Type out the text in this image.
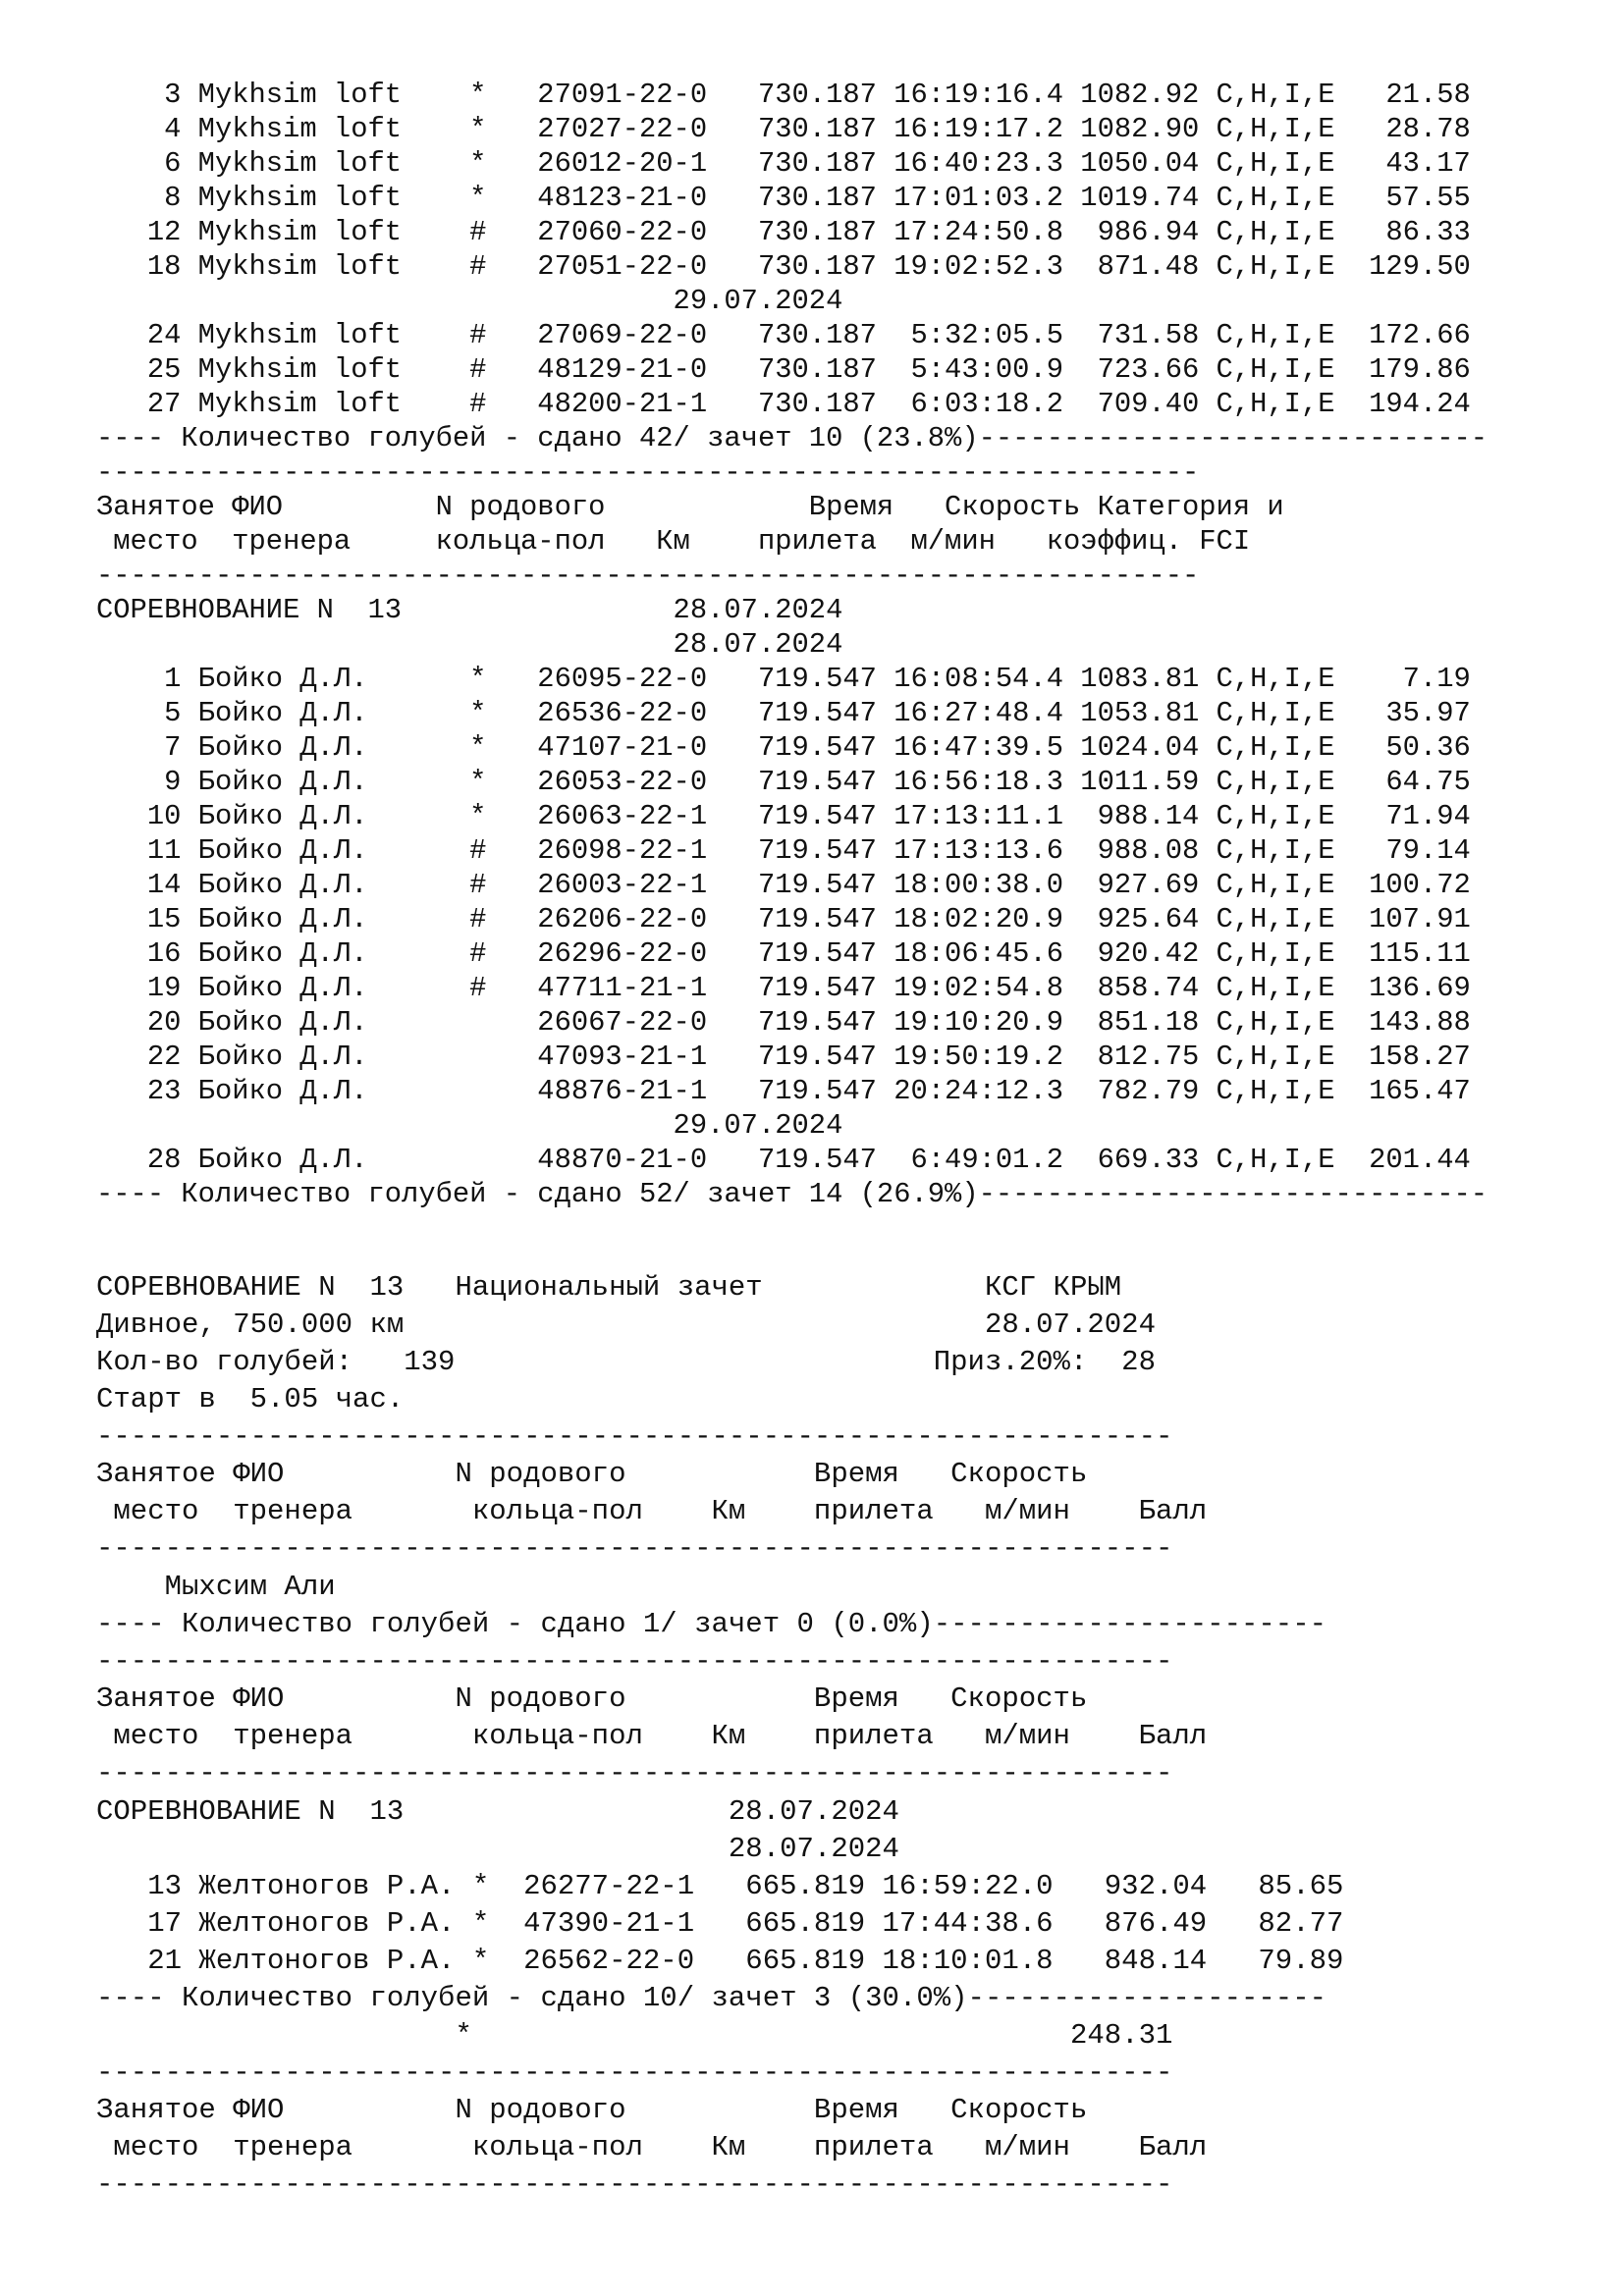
3 Mykhsim loft    *   27091-22-0   730.187 16:19:16.4 1082.92 C,H,I,E   21.58
4 Mykhsim loft    *   27027-22-0   730.187 16:19:17.2 1082.90 C,H,I,E   28.78
6 Mykhsim loft    *   26012-20-1   730.187 16:40:23.3 1050.04 C,H,I,E   43.17
8 Mykhsim loft    *   48123-21-0   730.187 17:01:03.2 1019.74 C,H,I,E   57.55
12 Mykhsim loft    #   27060-22-0   730.187 17:24:50.8  986.94 C,H,I,E   86.33
18 Mykhsim loft    #   27051-22-0   730.187 19:02:52.3  871.48 C,H,I,E  129.50
29.07.2024
24 Mykhsim loft    #   27069-22-0   730.187  5:32:05.5  731.58 C,H,I,E  172.66
25 Mykhsim loft    #   48129-21-0   730.187  5:43:00.9  723.66 C,H,I,E  179.86
27 Mykhsim loft    #   48200-21-1   730.187  6:03:18.2  709.40 C,H,I,E  194.24
---- Количество голубей - сдано 42/ зачет 10 (23.8%)------------------------------
-----------------------------------------------------------------
Занятое ФИО         N родового            Время   Скорость Категория и
место  тренера     кольца-пол   Км    прилета  м/мин   коэффиц. FCI
-----------------------------------------------------------------
СОРЕВНОВАНИЕ N  13                28.07.2024
28.07.2024
1 Бойко Д.Л.      *   26095-22-0   719.547 16:08:54.4 1083.81 C,H,I,E    7.19
5 Бойко Д.Л.      *   26536-22-0   719.547 16:27:48.4 1053.81 C,H,I,E   35.97
7 Бойко Д.Л.      *   47107-21-0   719.547 16:47:39.5 1024.04 C,H,I,E   50.36
9 Бойко Д.Л.      *   26053-22-0   719.547 16:56:18.3 1011.59 C,H,I,E   64.75
10 Бойко Д.Л.      *   26063-22-1   719.547 17:13:11.1  988.14 C,H,I,E   71.94
11 Бойко Д.Л.      #   26098-22-1   719.547 17:13:13.6  988.08 C,H,I,E   79.14
14 Бойко Д.Л.      #   26003-22-1   719.547 18:00:38.0  927.69 C,H,I,E  100.72
15 Бойко Д.Л.      #   26206-22-0   719.547 18:02:20.9  925.64 C,H,I,E  107.91
16 Бойко Д.Л.      #   26296-22-0   719.547 18:06:45.6  920.42 C,H,I,E  115.11
19 Бойко Д.Л.      #   47711-21-1   719.547 19:02:54.8  858.74 C,H,I,E  136.69
20 Бойко Д.Л.          26067-22-0   719.547 19:10:20.9  851.18 C,H,I,E  143.88
22 Бойко Д.Л.          47093-21-1   719.547 19:50:19.2  812.75 C,H,I,E  158.27
23 Бойко Д.Л.          48876-21-1   719.547 20:24:12.3  782.79 C,H,I,E  165.47
29.07.2024
28 Бойко Д.Л.          48870-21-0   719.547  6:49:01.2  669.33 C,H,I,E  201.44
---- Количество голубей - сдано 52/ зачет 14 (26.9%)------------------------------
СОРЕВНОВАНИЕ N  13   Национальный зачет             КСГ КРЫМ
Дивное, 750.000 км                                  28.07.2024
Кол-во голубей:   139                            Приз.20%:  28
Старт в  5.05 час.
---------------------------------------------------------------
Занятое ФИО          N родового           Время   Скорость
место  тренера       кольца-пол    Км    прилета   м/мин    Балл
---------------------------------------------------------------
Мыхсим Али
---- Количество голубей - сдано 1/ зачет 0 (0.0%)-----------------------
---------------------------------------------------------------
Занятое ФИО          N родового           Время   Скорость
место  тренера       кольца-пол    Км    прилета   м/мин    Балл
---------------------------------------------------------------
СОРЕВНОВАНИЕ N  13                   28.07.2024
28.07.2024
13 Желтоногов Р.А. *  26277-22-1   665.819 16:59:22.0   932.04   85.65
17 Желтоногов Р.А. *  47390-21-1   665.819 17:44:38.6   876.49   82.77
21 Желтоногов Р.А. *  26562-22-0   665.819 18:10:01.8   848.14   79.89
---- Количество голубей - сдано 10/ зачет 3 (30.0%)---------------------
*                                   248.31
---------------------------------------------------------------
Занятое ФИО          N родового           Время   Скорость
место  тренера       кольца-пол    Км    прилета   м/мин    Балл
---------------------------------------------------------------
